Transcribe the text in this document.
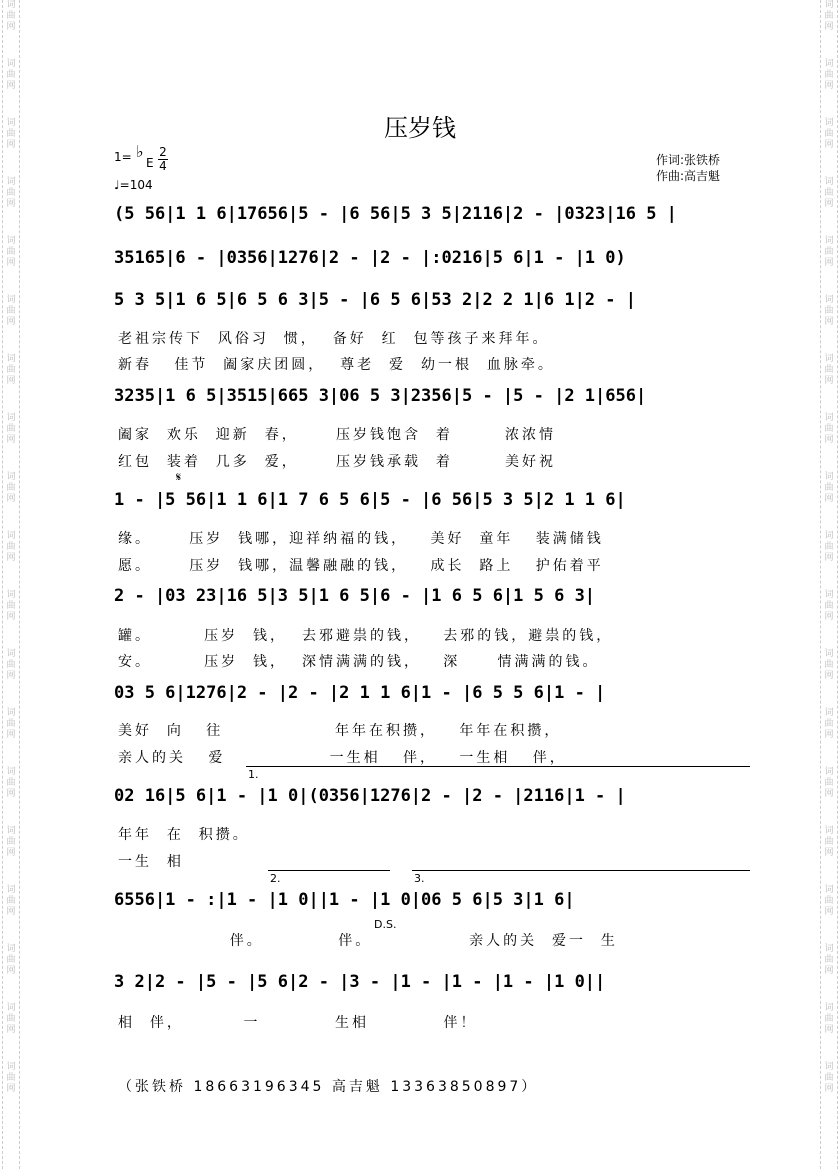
词
曲
网
词
曲
网
词
曲
网
词
曲
网
词
曲
网
词
曲
网
词
曲
网
词
曲
网
词
曲
网
词
曲
网
词
曲
网
词
曲
网
词
曲
网
词
曲
网
词
曲
网
词
曲
网
词
曲
网
词
曲
网
词
曲
网
词
曲
网
词
曲
网
词
曲
网
词
曲
网
词
曲
网
词
曲
网
词
曲
网
词
曲
网
词
曲
网
词
曲
网
词
曲
网
词
曲
网
词
曲
网
词
曲
网
词
曲
网
词
曲
网
词
曲
网
词
曲
网
词
曲
网
压岁钱
1= ♭
E
2
4
♩=104
作词:张铁桥
作曲:高吉魁
(5 56|1 1 6|17656|5 - |6 56|5 3 5|2116|2 - |0323|16 5 |
35165|6 - |0356|1276|2 - |2 - |:0216|5 6|1 - |1 0)
5 3 5|1 6 5|6 5 6 3|5 - |6 5 6|53 2|2 2 1|6 1|2 - |
老祖宗传下  风俗习  惯，  备好  红  包等孩子来拜年。
新春   佳节  阖家庆团圆，  尊老  爱  幼一根  血脉牵。
3235|1 6 5|3515|665 3|06 5 3|2356|5 - |5 - |2 1|656|
阖家  欢乐  迎新  春，     压岁钱饱含  着       浓浓情
红包  装着  几多  爱，     压岁钱承载  着       美好祝
𝄋
1 - |5 56|1 1 6|1 7 6 5 6|5 - |6 56|5 3 5|2 1 1 6|
缘。     压岁  钱哪，迎祥纳福的钱，   美好  童年   装满储钱
愿。     压岁  钱哪，温馨融融的钱，   成长  路上   护佑着平
2 - |03 23|16 5|3 5|1 6 5|6 - |1 6 5 6|1 5 6 3|
罐。       压岁  钱，  去邪避祟的钱，   去邪的钱，避祟的钱，
安。       压岁  钱，  深情满满的钱，   深     情满满的钱。
03 5 6|1276|2 - |2 - |2 1 1 6|1 - |6 5 5 6|1 - |
美好  向   往               年年在积攒，   年年在积攒，
亲人的关   爱              一生相   伴，   一生相   伴，
1.
02 16|5 6|1 - |1 0|(0356|1276|2 - |2 - |2116|1 - |
年年  在  积攒。
一生  相
2.	3.
6556|1 - :|1 - |1 0||1 - |1 0|06 5 6|5 3|1 6|
D.S.
伴。          伴。             亲人的关  爱一  生
3 2|2 - |5 - |5 6|2 - |3 - |1 - |1 - |1 - |1 0||
相  伴，        一          生相          伴！
（张铁桥 18663196345 高吉魁 13363850897）
